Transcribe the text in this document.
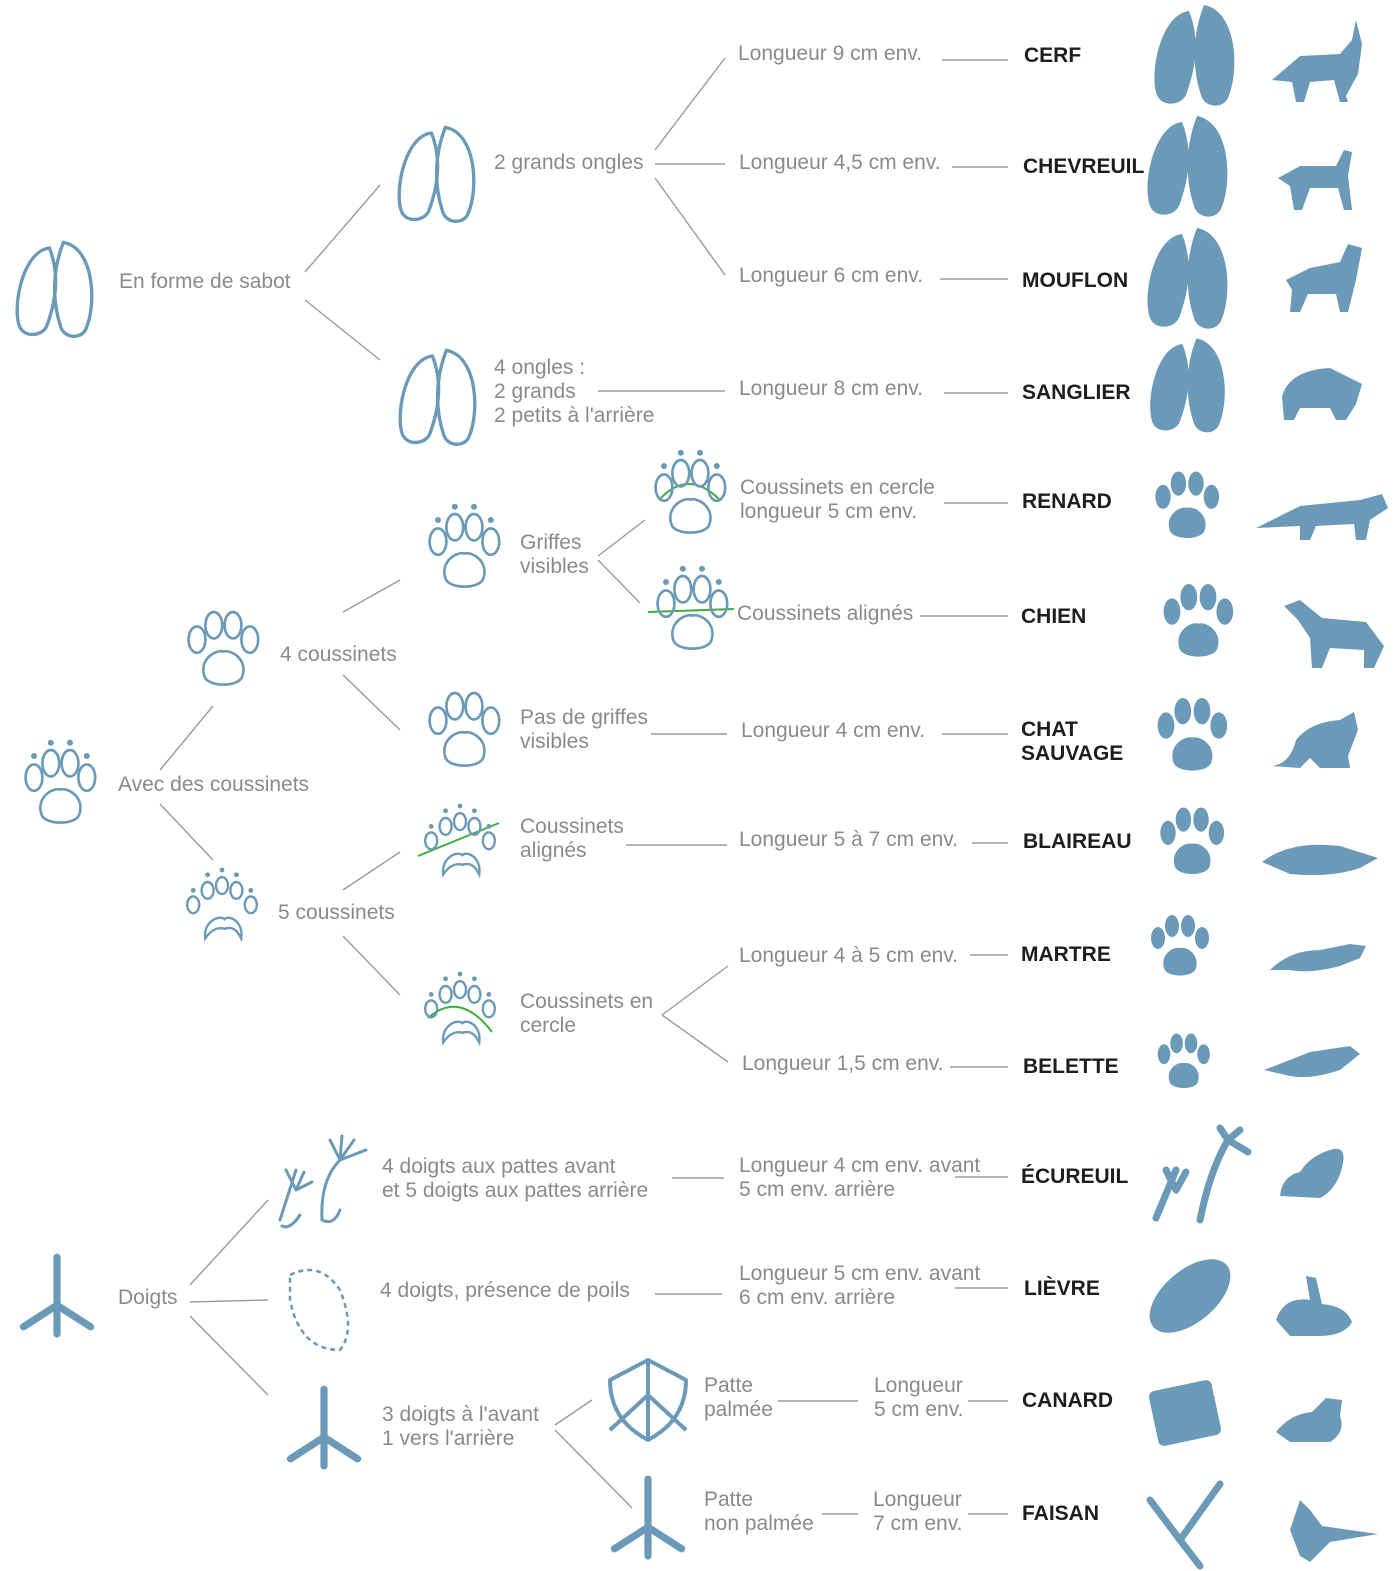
En forme de sabot
Avec des coussinets
Doigts
2 grands ongles
4 ongles :
2 grands
2 petits à l'arrière
4 coussinets
5 coussinets
Griffes
visibles
Pas de griffes
visibles
Coussinets
alignés
Coussinets en
cercle
4 doigts aux pattes avant
et 5 doigts aux pattes arrière
4 doigts, présence de poils
3 doigts à l'avant
1 vers l'arrière
Patte
palmée
Patte
non palmée
Longueur 9 cm env.
Longueur 4,5 cm env.
Longueur 6 cm env.
Longueur 8 cm env.
Coussinets en cercle
longueur 5 cm env.
Coussinets alignés
Longueur 4 cm env.
Longueur 5 à 7 cm env.
Longueur 4 à 5 cm env.
Longueur 1,5 cm env.
Longueur 4 cm env. avant
5 cm env. arrière
Longueur 5 cm env. avant
6 cm env. arrière
Longueur
5 cm env.
Longueur
7 cm env.
CERF
CHEVREUIL
MOUFLON
SANGLIER
RENARD
CHIEN
CHAT
SAUVAGE
BLAIREAU
MARTRE
BELETTE
ÉCUREUIL
LIÈVRE
CANARD
FAISAN
